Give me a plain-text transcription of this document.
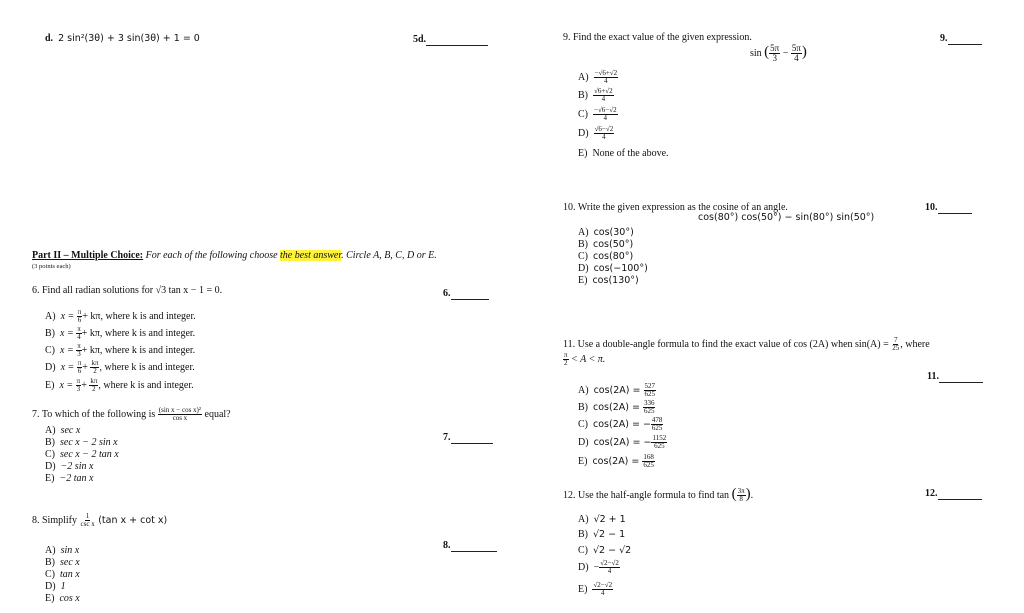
d. 2 sin²(3θ) + 3 sin(3θ) + 1 = 0	5d.
Part II – Multiple Choice: For each of the following choose the best answer. Circle A, B, C, D or E.
(3 points each)
6. Find all radian solutions for √3 tan x − 1 = 0.	6.
A) $x = \frac{\pi}{6} + k\pi$, where k is and integer.
B) $x = \frac{\pi}{4} + k\pi$, where k is and integer.
C) $x = \frac{\pi}{3} + k\pi$, where k is and integer.
D) $x = \frac{\pi}{6} + \frac{k\pi}{2}$ , where k is and integer.
E) $x = \frac{\pi}{3} + \frac{k\pi}{2}$ , where k is and integer.
7. To which of the following is $\frac{\text{(sin x − cos x)²}}{\text{cos x}}$ equal?
7.
A) sec x
B) sec x − 2 sin x
C) sec x − 2 tan x
D) −2 sin x
E) −2 tan x
8. Simplify $\frac{1}{\text{csc x}} (\tan$ x + cot x)
8.
A) sin x
B) sec x
C) tan x
D) 1
E) cos x
9. Find the exact value of the given expression.	9.
sin ( $\frac{5\pi}{3} - \frac{5\pi}{4}$ )
$A) \frac{-√6+√2}{4}$
$B) \frac{√6+√2}{4}$
$C) \frac{-√6-√2}{4}$
$D) \frac{√6-√2}{4}$
E) None of the above.
10. Write the given expression as the cosine of an angle.	10.
cos(80°) cos(50°) − sin(80°) sin(50°)
A) cos(30°)
B) cos(50°)
C) cos(80°)
D) cos(−100°)
E) cos(130°)
11. Use a double-angle formula to find the exact value of cos (2A) when $\sin(A) = \frac{7}{25}$ , where
$\frac{\pi}{2} < A < \pi$.
11.
A) $\cos(2A) = \frac{527}{625}$
B) $\cos(2A) = \frac{336}{625}$
C) cos(2A) = − $\frac{478}{625}$
D) cos(2A) = − $\frac{1152}{625}$
E) $\cos(2A) = \frac{168}{625}$
12. Use the half-angle formula to find tan ( $\frac{3\pi}{8}$ ).	12.
A) √2 + 1
B) √2 − 1
C) √2 − √2
$D) - \frac{√2-√2}{4}$
$E) \frac{√2-√2}{4}$
